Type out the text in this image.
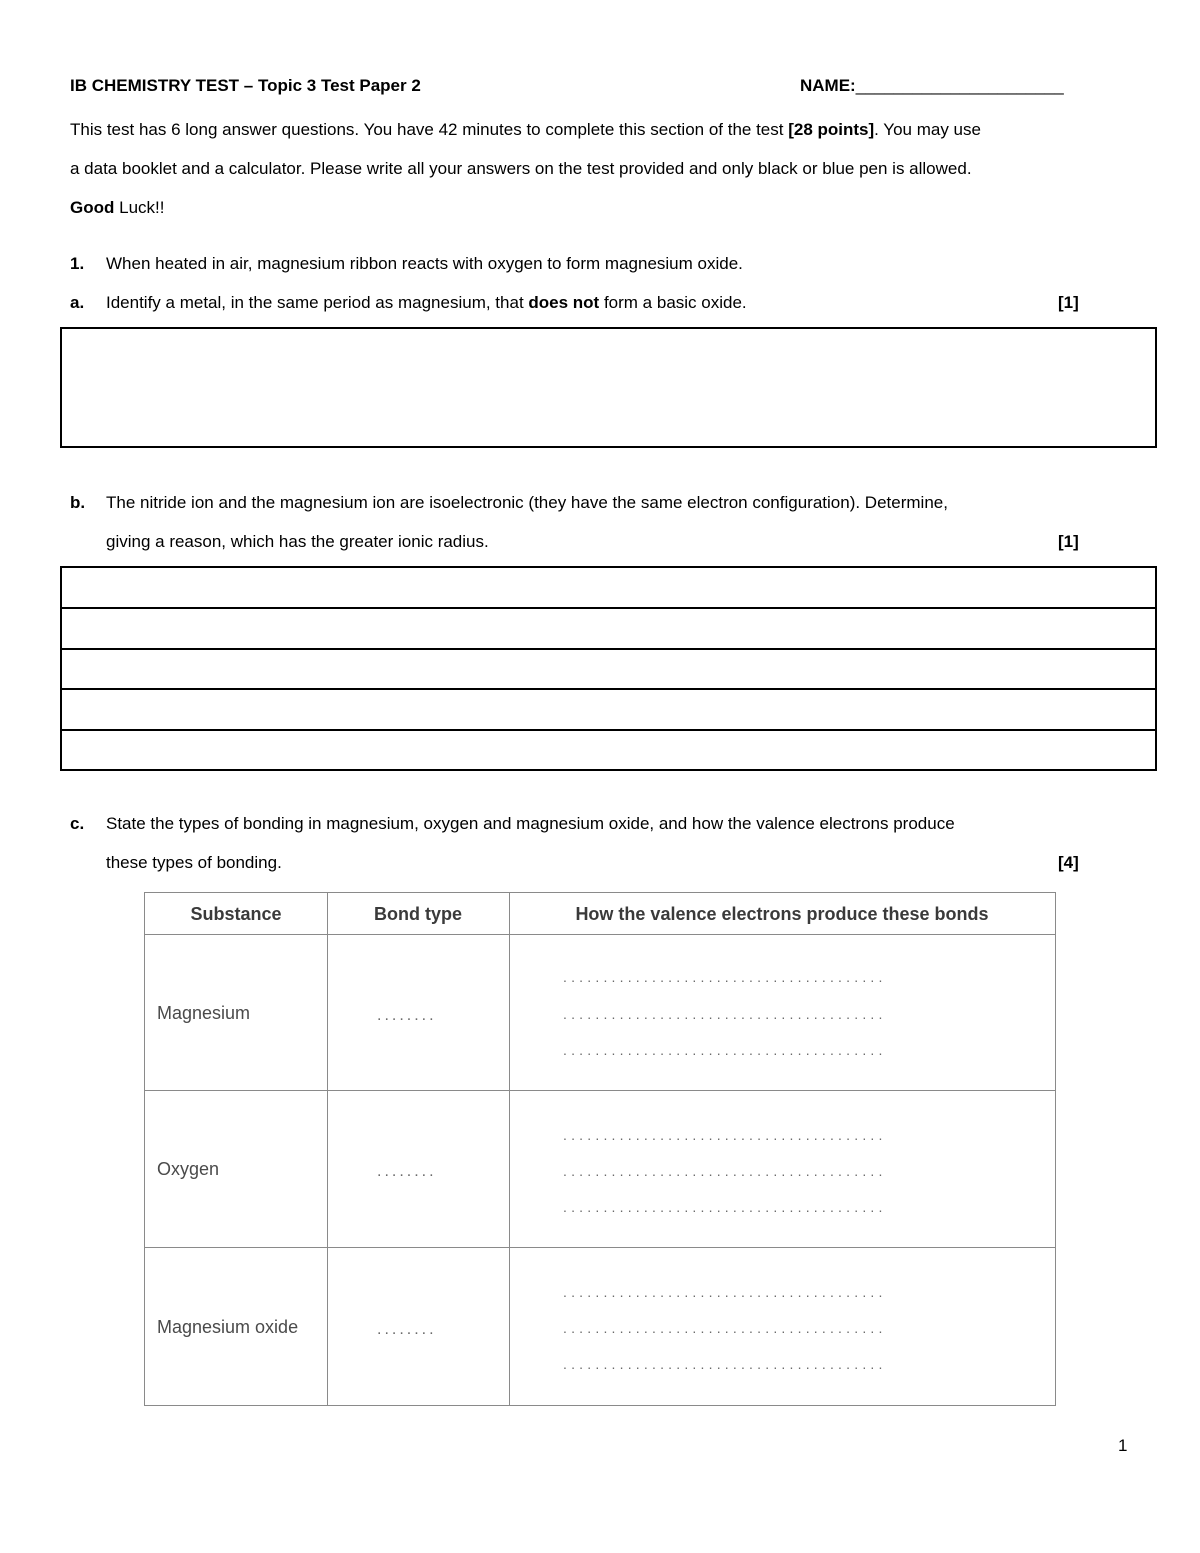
IB CHEMISTRY TEST – Topic 3 Test Paper 2	NAME:______________________
This test has 6 long answer questions. You have 42 minutes to complete this section of the test [28 points]. You may use
a data booklet and a calculator. Please write all your answers on the test provided and only black or blue pen is allowed.
Good Luck!!
1. When heated in air, magnesium ribbon reacts with oxygen to form magnesium oxide.
a. Identify a metal, in the same period as magnesium, that does not form a basic oxide.	[1]
b. The nitride ion and the magnesium ion are isoelectronic (they have the same electron configuration). Determine,
giving a reason, which has the greater ionic radius.	[1]
c. State the types of bonding in magnesium, oxygen and magnesium oxide, and how the valence electrons produce
these types of bonding.	[4]
Substance	Bond type	How the valence electrons produce these bonds
Magnesium	........
........................................
........................................
........................................
Oxygen	........
........................................
........................................
........................................
Magnesium oxide	........
........................................
........................................
........................................
1
